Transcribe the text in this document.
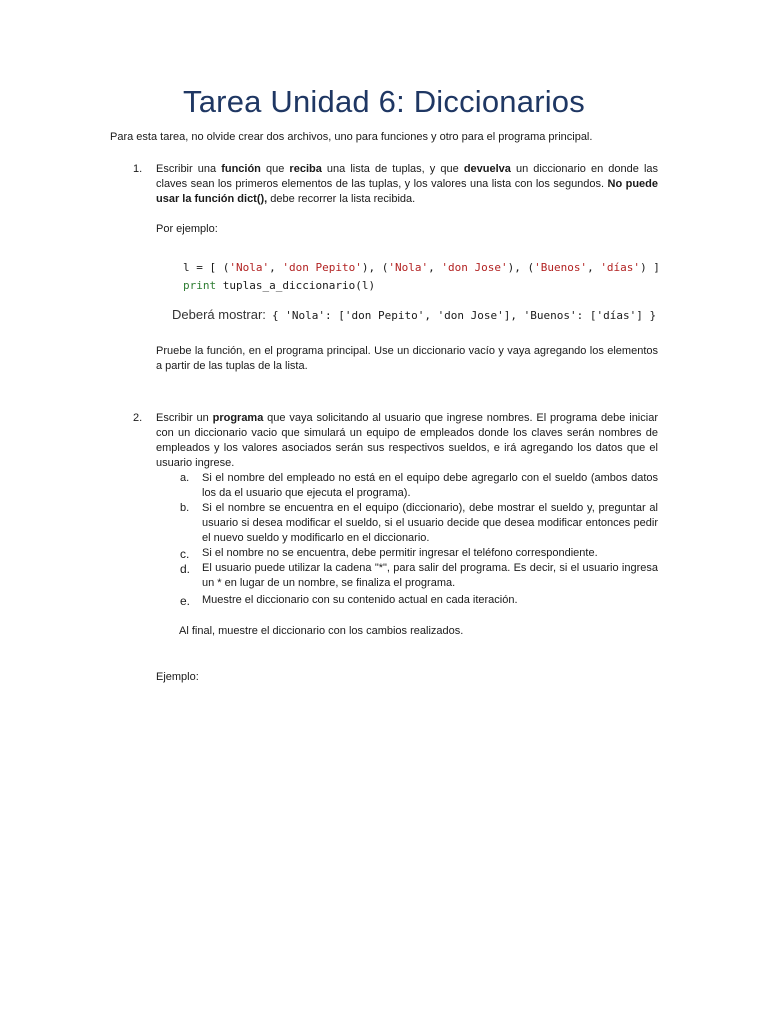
Tarea Unidad 6: Diccionarios
Para esta tarea, no olvide crear dos archivos, uno para funciones y otro para el programa principal.
1. Escribir una función que reciba una lista de tuplas, y que devuelva un diccionario en donde las claves sean los primeros elementos de las tuplas, y los valores una lista con los segundos. No puede usar la función dict(), debe recorrer la lista recibida.
Por ejemplo:
l = [ ('Nola', 'don Pepito'), ('Nola', 'don Jose'), ('Buenos', 'días') ]
print tuplas_a_diccionario(l)
Deberá mostrar: { 'Nola': ['don Pepito', 'don Jose'], 'Buenos': ['días'] }
Pruebe la función, en el programa principal. Use un diccionario vacío y vaya agregando los elementos a partir de las tuplas de la lista.
2. Escribir un programa que vaya solicitando al usuario que ingrese nombres. El programa debe iniciar con un diccionario vacio que simulará un equipo de empleados donde los claves serán nombres de empleados y los valores asociados serán sus respectivos sueldos, e irá agregando los datos que el usuario ingrese.
a. Si el nombre del empleado no está en el equipo debe agregarlo con el sueldo (ambos datos los da el usuario que ejecuta el programa).
b. Si el nombre se encuentra en el equipo (diccionario), debe mostrar el sueldo y, preguntar al usuario si desea modificar el sueldo, si el usuario decide que desea modificar entonces pedir el nuevo sueldo y modificarlo en el diccionario.
c. Si el nombre no se encuentra, debe permitir ingresar el teléfono correspondiente.
d. El usuario puede utilizar la cadena "*", para salir del programa. Es decir, si el usuario ingresa un * en lugar de un nombre, se finaliza el programa.
e. Muestre el diccionario con su contenido actual en cada iteración.
Al final, muestre el diccionario con los cambios realizados.
Ejemplo:
